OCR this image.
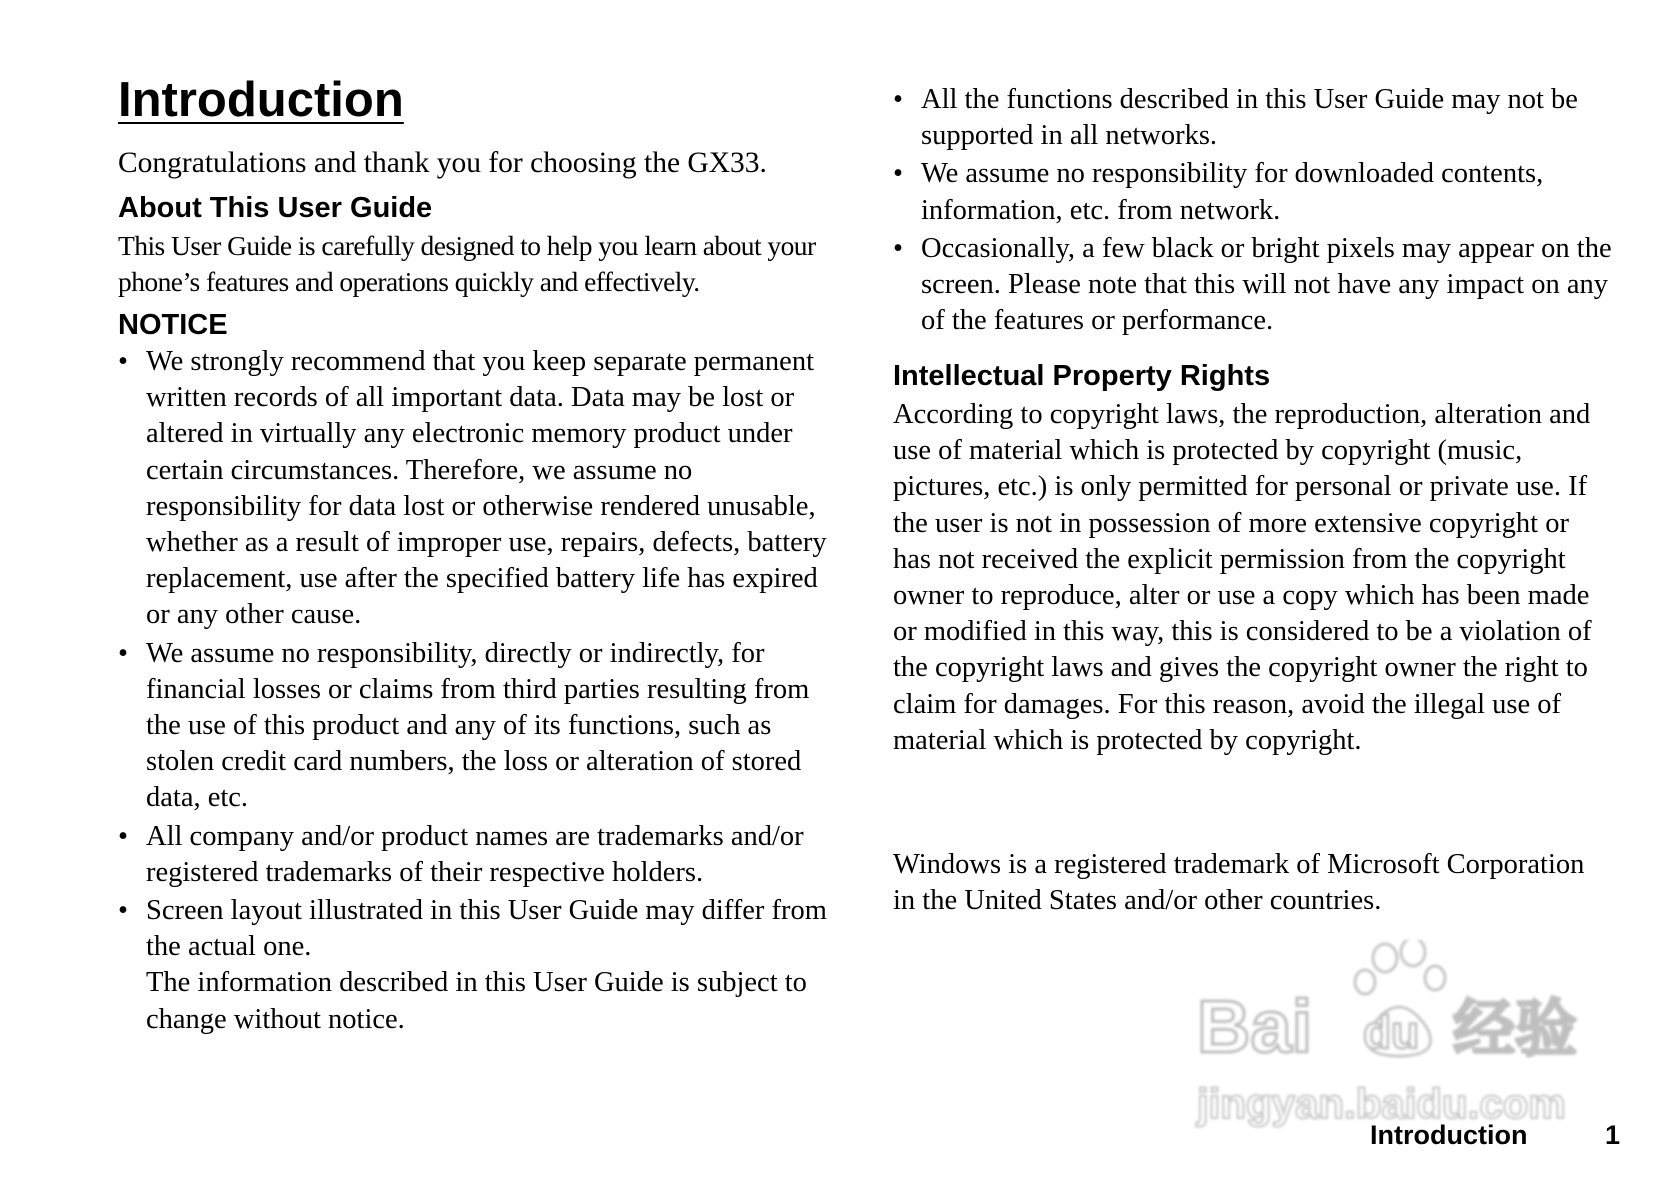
Introduction
Congratulations and thank you for choosing the GX33.
About This User Guide
This User Guide is carefully designed to help you learn about your phone’s features and operations quickly and effectively.
NOTICE
• We strongly recommend that you keep separate permanent written records of all important data. Data may be lost or altered in virtually any electronic memory product under certain circumstances. Therefore, we assume no responsibility for data lost or otherwise rendered unusable, whether as a result of improper use, repairs, defects, battery replacement, use after the specified battery life has expired or any other cause.
• We assume no responsibility, directly or indirectly, for financial losses or claims from third parties resulting from the use of this product and any of its functions, such as stolen credit card numbers, the loss or alteration of stored data, etc.
• All company and/or product names are trademarks and/or registered trademarks of their respective holders.
• Screen layout illustrated in this User Guide may differ from the actual one.
The information described in this User Guide is subject to change without notice.
• All the functions described in this User Guide may not be supported in all networks.
• We assume no responsibility for downloaded contents, information, etc. from network.
• Occasionally, a few black or bright pixels may appear on the screen. Please note that this will not have any impact on any of the features or performance.
Intellectual Property Rights
According to copyright laws, the reproduction, alteration and use of material which is protected by copyright (music, pictures, etc.) is only permitted for personal or private use. If the user is not in possession of more extensive copyright or has not received the explicit permission from the copyright owner to reproduce, alter or use a copy which has been made or modified in this way, this is considered to be a violation of the copyright laws and gives the copyright owner the right to claim for damages. For this reason, avoid the illegal use of material which is protected by copyright.
Windows is a registered trademark of Microsoft Corporation in the United States and/or other countries.
Bai du 经验
jingyan.baidu.com
Introduction	1
